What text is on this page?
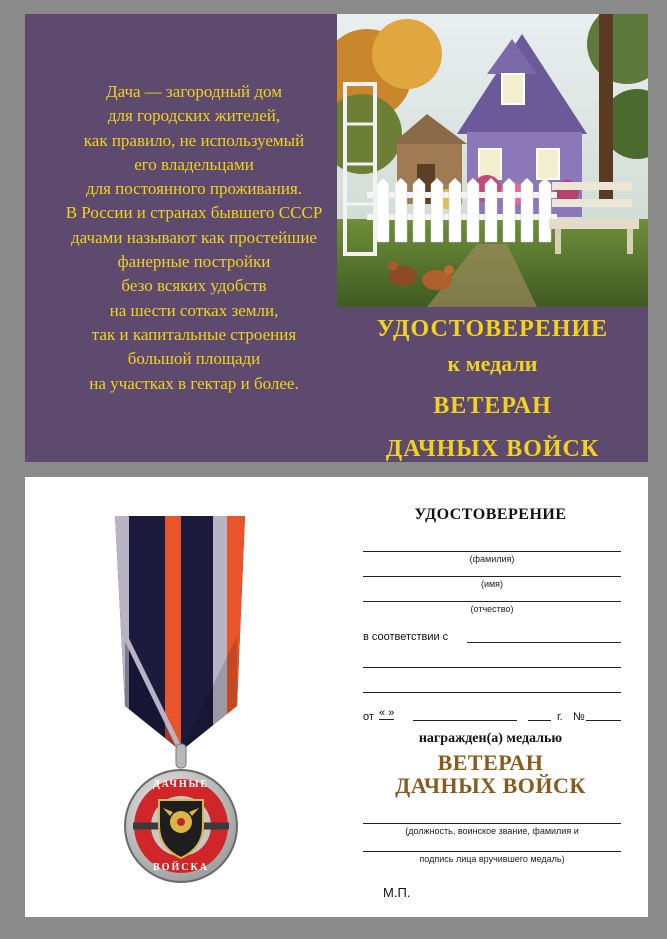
Дача — загородный дом
для городских жителей,
как правило, не используемый
его владельцами
для постоянного проживания.
В России и странах бывшего СССР
дачами называют как простейшие
фанерные постройки
безо всяких удобств
на шести сотках земли,
так и капитальные строения
большой площади
на участках в гектар и более.
УДОСТОВЕРЕНИЕ
к медали
ВЕТЕРАН
ДАЧНЫХ ВОЙСК
ДАЧНЫЕ
ВОЙСКА
УДОСТОВЕРЕНИЕ
(фамилия)
(имя)
(отчество)
в соответствии с
от « »	г. №
награжден(а) медалью
ВЕТЕРАН
ДАЧНЫХ ВОЙСК
(должность, воинское звание, фамилия и
подпись лица вручившего медаль)
М.П.
